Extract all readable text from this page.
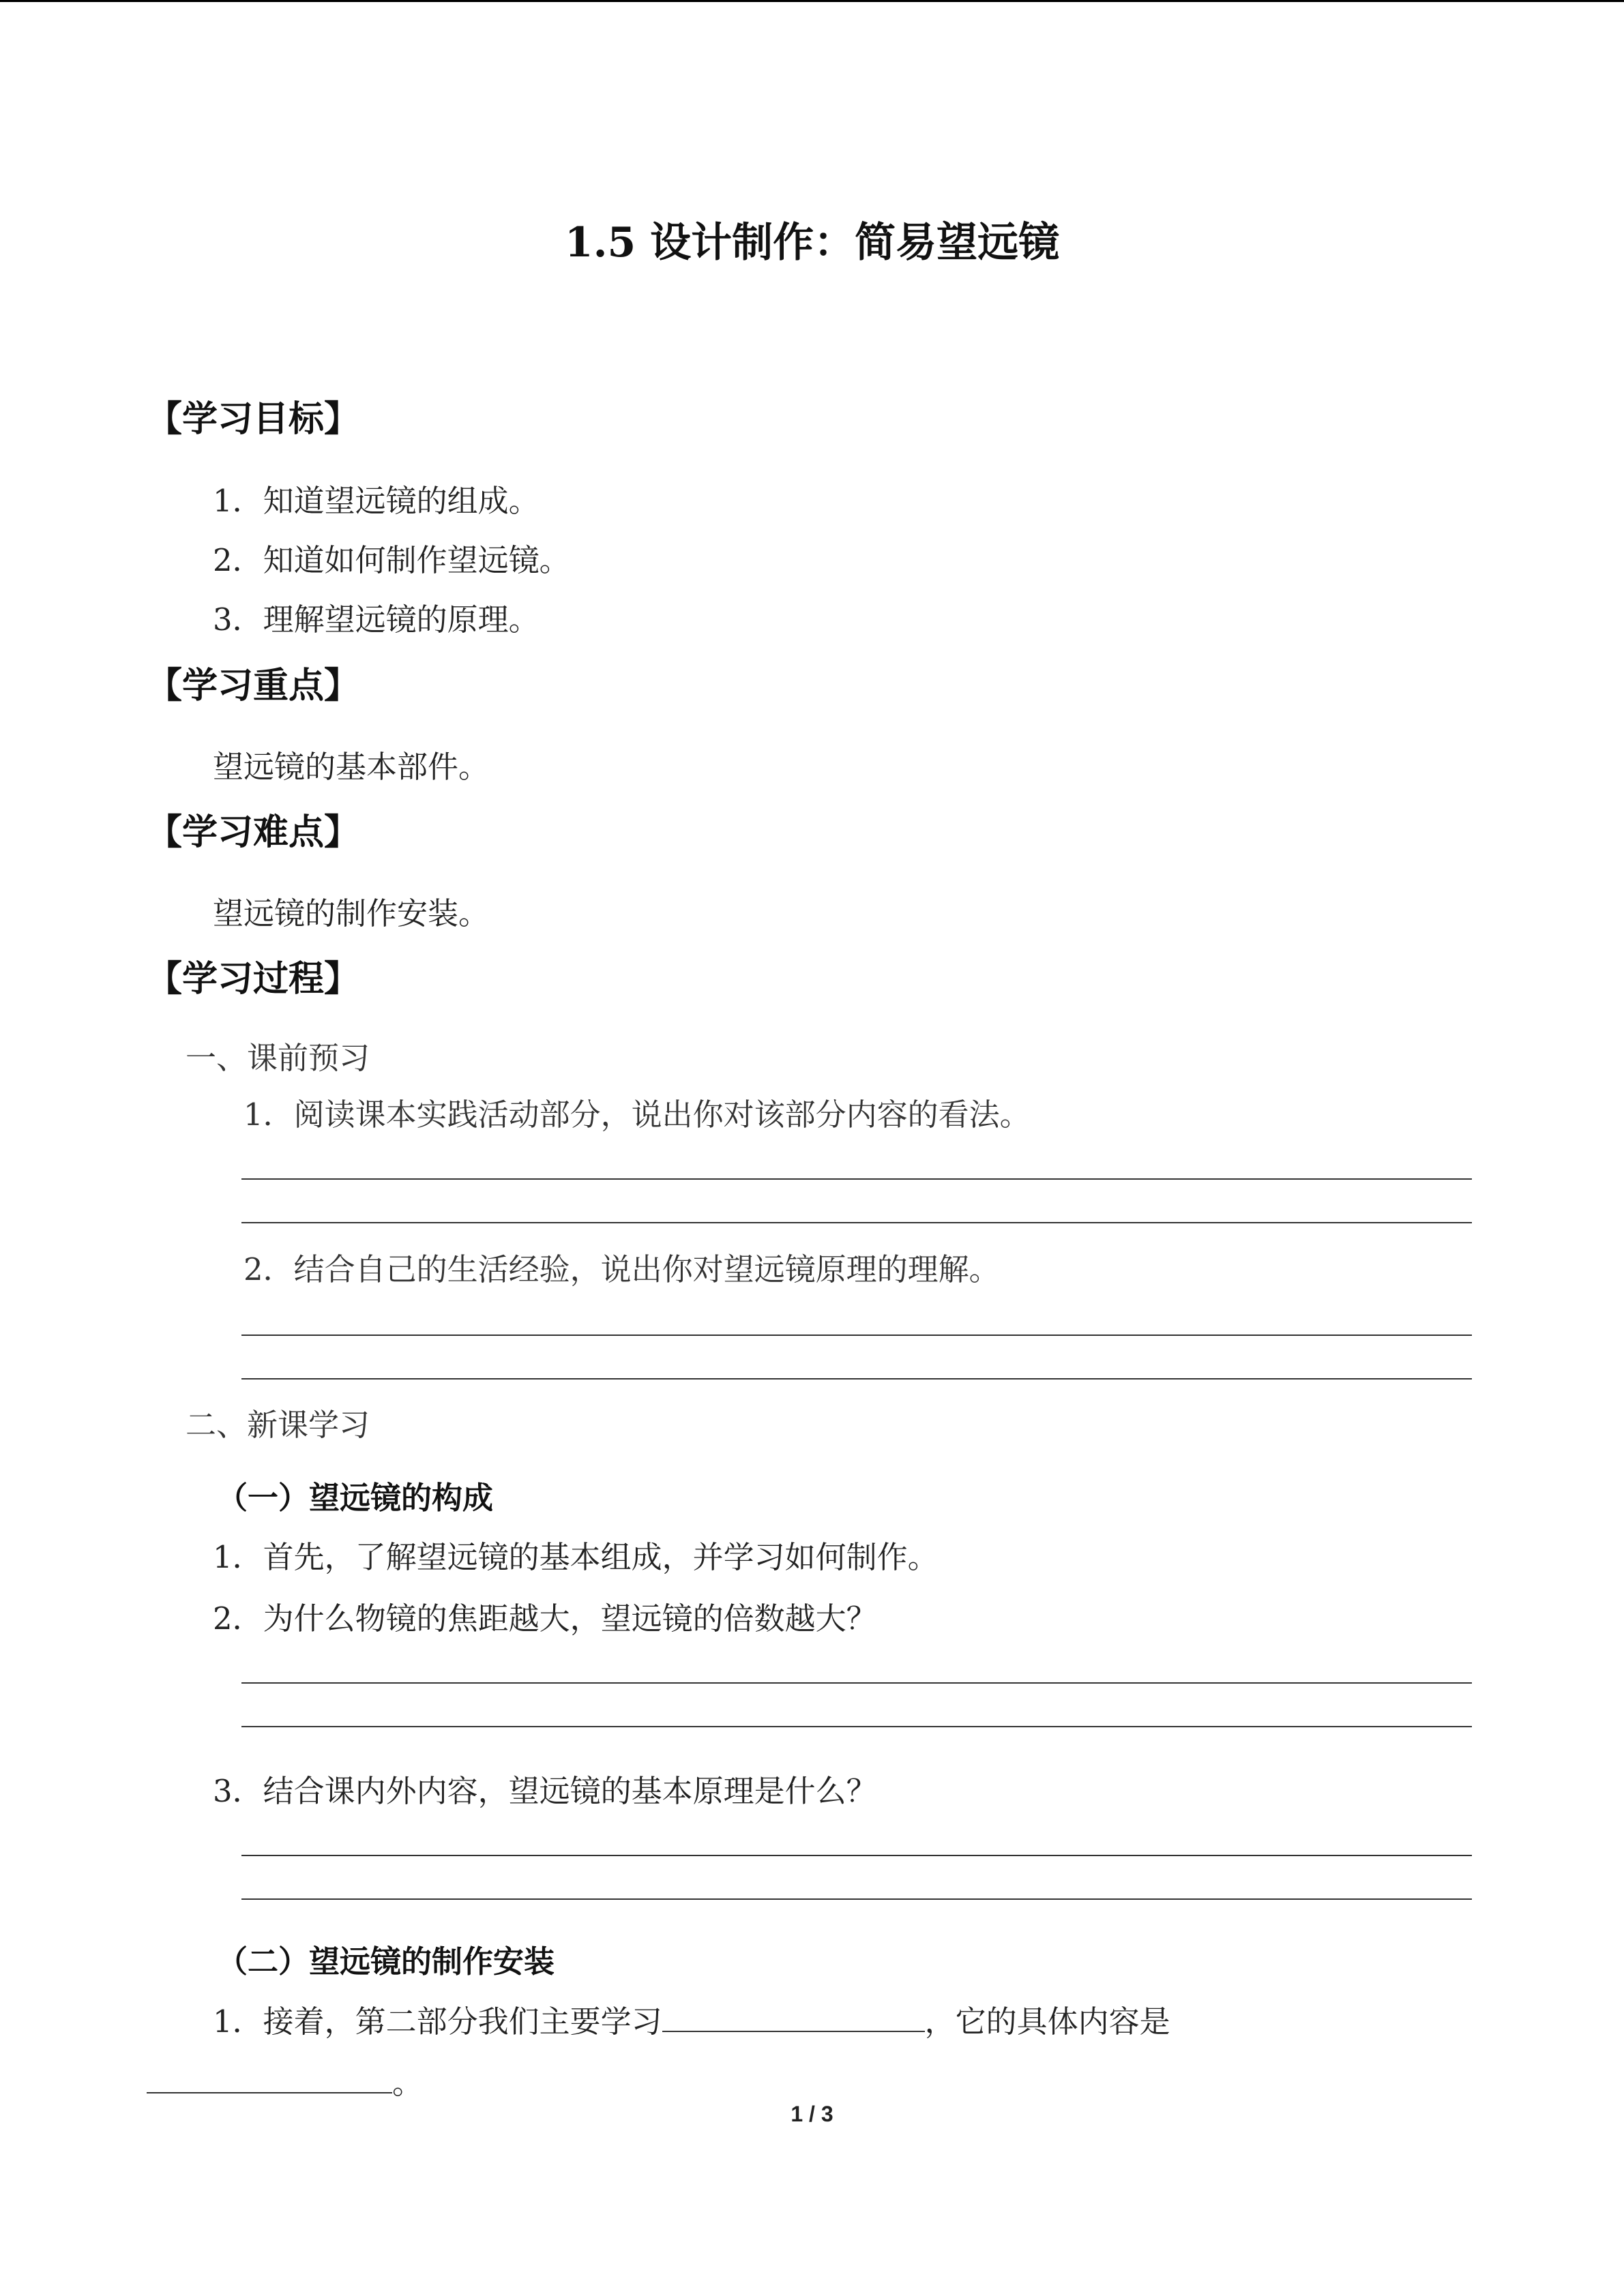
1.5 设计制作：简易望远镜
【学习目标】
1．知道望远镜的组成。
2．知道如何制作望远镜。
3．理解望远镜的原理。
【学习重点】
望远镜的基本部件。
【学习难点】
望远镜的制作安装。
【学习过程】
一、课前预习
1．阅读课本实践活动部分，说出你对该部分内容的看法。
2．结合自己的生活经验，说出你对望远镜原理的理解。
二、新课学习
（一）望远镜的构成
1．首先，了解望远镜的基本组成，并学习如何制作。
2．为什么物镜的焦距越大，望远镜的倍数越大？
3．结合课内外内容，望远镜的基本原理是什么？
（二）望远镜的制作安装
1．接着，第二部分我们主要学习	，它的具体内容是
。
1 / 3
